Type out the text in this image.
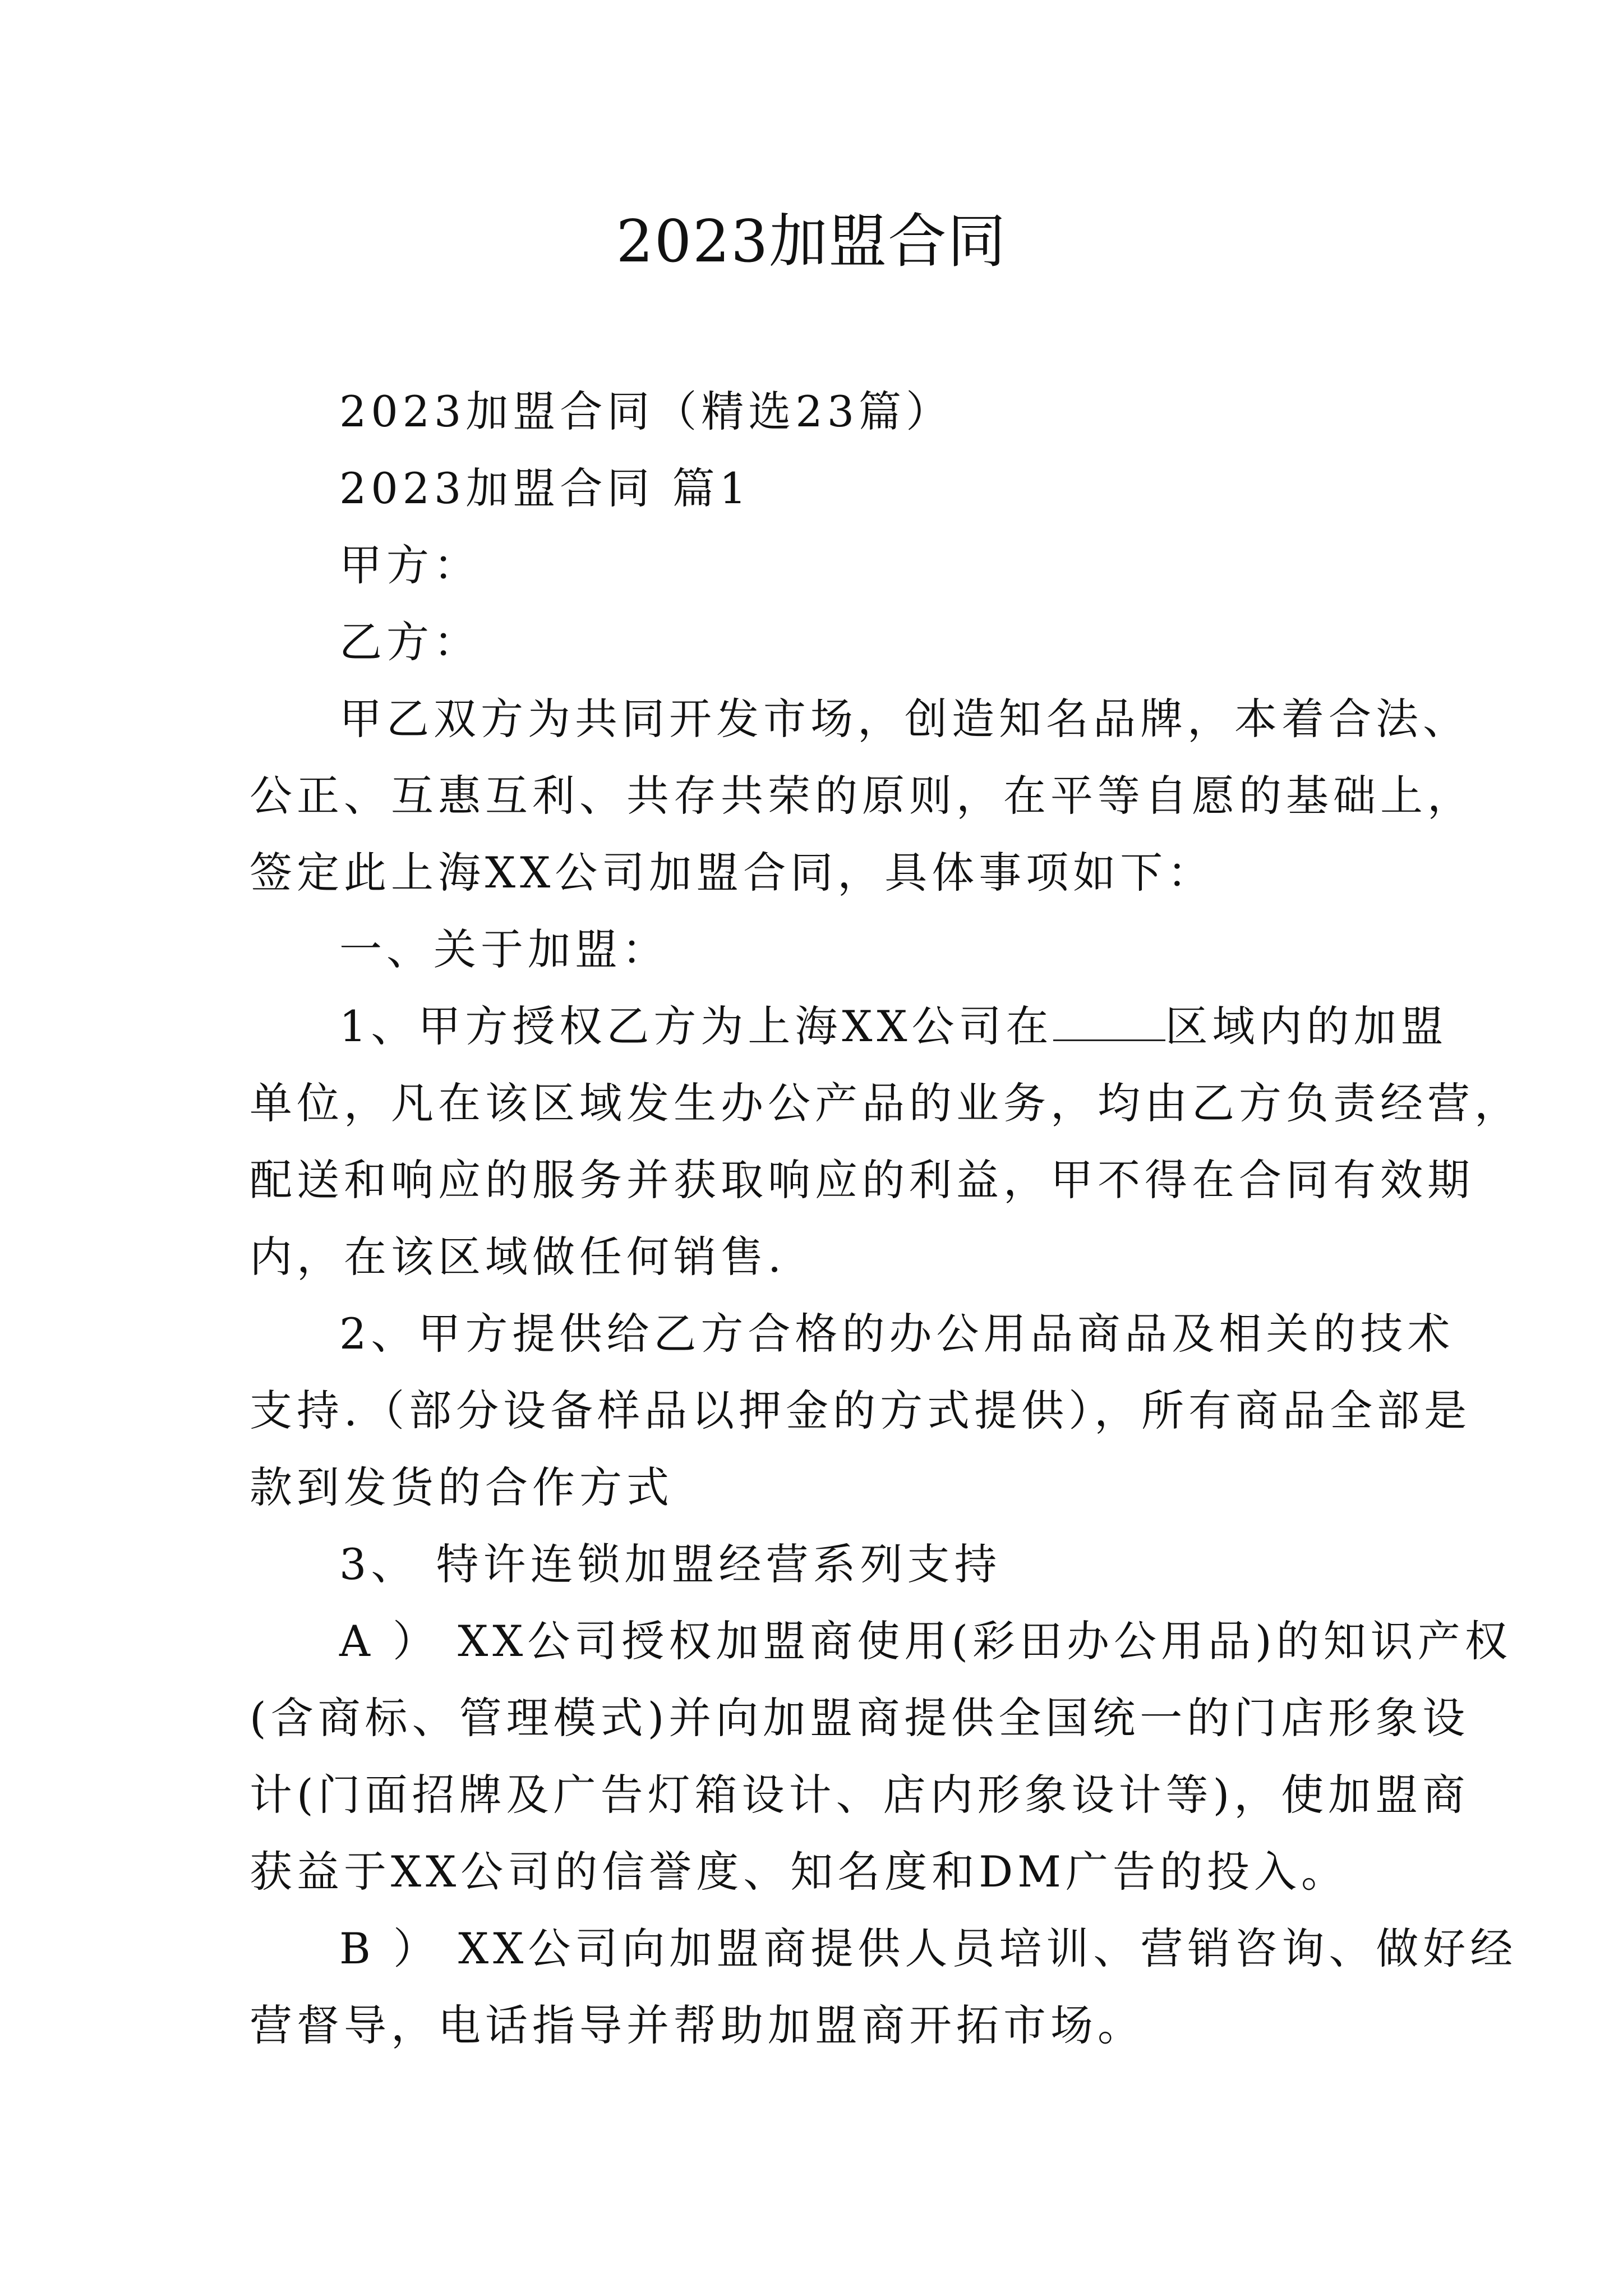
2023加盟合同
2023加盟合同（精选23篇）
2023加盟合同 篇1
甲方：
乙方：
甲乙双方为共同开发市场，创造知名品牌，本着合法、
公正、互惠互利、共存共荣的原则，在平等自愿的基础上，
签定此上海XX公司加盟合同，具体事项如下：
一、关于加盟：
1、甲方授权乙方为上海XX公司在	区域内的加盟
单位，凡在该区域发生办公产品的业务，均由乙方负责经营，
配送和响应的服务并获取响应的利益，甲不得在合同有效期
内，在该区域做任何销售.
2、甲方提供给乙方合格的办公用品商品及相关的技术
支持.（部分设备样品以押金的方式提供），所有商品全部是
款到发货的合作方式
3、 特许连锁加盟经营系列支持
A ） XX公司授权加盟商使用(彩田办公用品)的知识产权
(含商标、管理模式)并向加盟商提供全国统一的门店形象设
计(门面招牌及广告灯箱设计、店内形象设计等)，使加盟商
获益于XX公司的信誉度、知名度和DM广告的投入。
B ） XX公司向加盟商提供人员培训、营销咨询、做好经
营督导，电话指导并帮助加盟商开拓市场。
